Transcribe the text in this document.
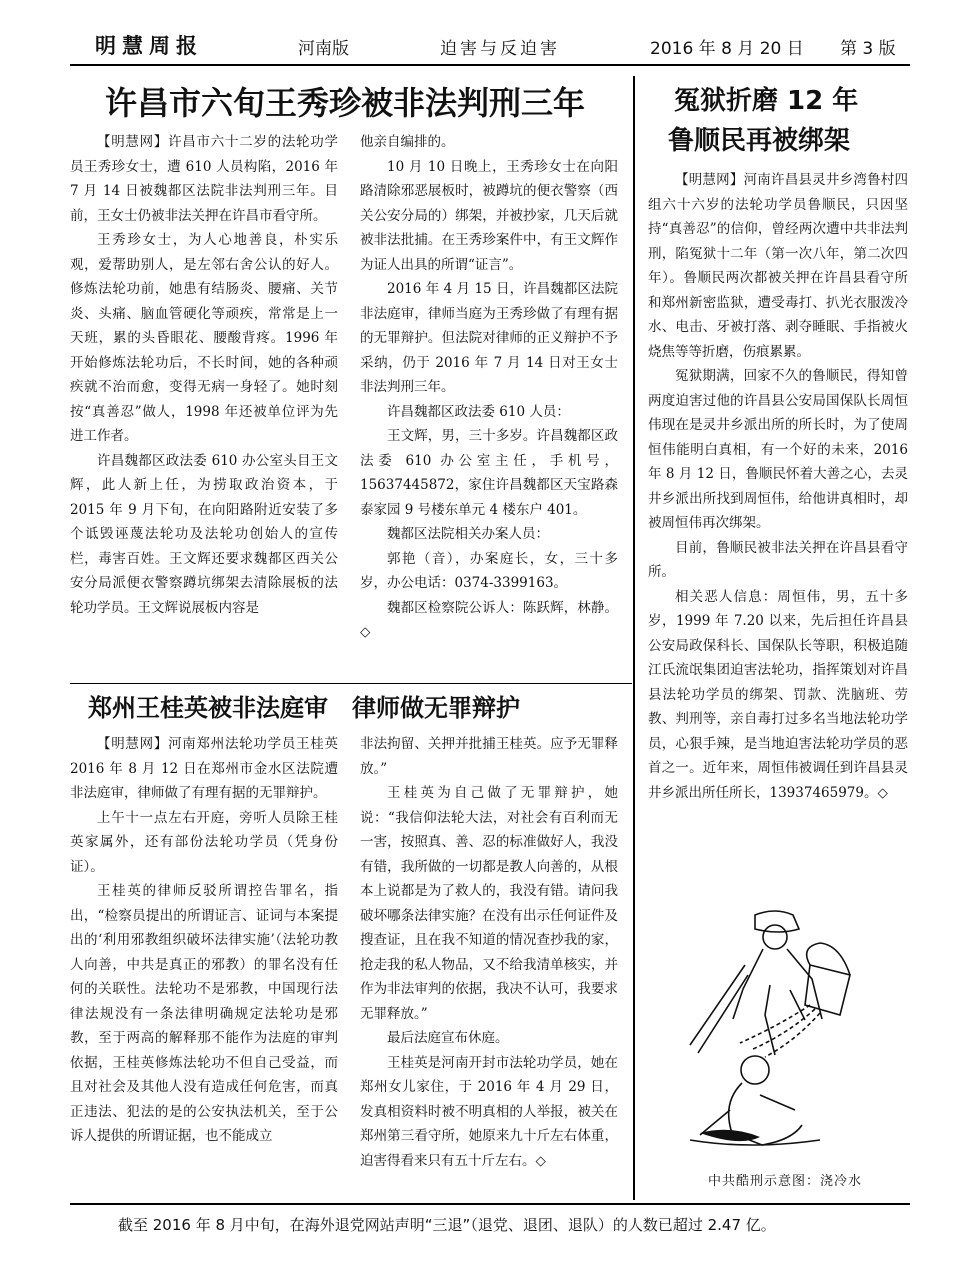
明慧周报	河南版	迫害与反迫害	2016 年 8 月 20 日 第 3 版
许昌市六旬王秀珍被非法判刑三年

【明慧网】许昌市六十二岁的法轮功学员王秀珍女士，遭 610 人员构陷，2016 年 7 月 14 日被魏都区法院非法判刑三年。目前，王女士仍被非法关押在许昌市看守所。

王秀珍女士，为人心地善良，朴实乐观，爱帮助别人，是左邻右舍公认的好人。修炼法轮功前，她患有结肠炎、腰痛、关节炎、头痛、脑血管硬化等顽疾，常常是上一天班，累的头昏眼花、腰酸背疼。1996 年开始修炼法轮功后，不长时间，她的各种顽疾就不治而愈，变得无病一身轻了。她时刻按“真善忍”做人，1998 年还被单位评为先进工作者。

许昌魏都区政法委 610 办公室头目王文辉，此人新上任，为捞取政治资本，于 2015 年 9 月下旬，在向阳路附近安装了多个诋毁诬蔑法轮功及法轮功创始人的宣传栏，毒害百姓。王文辉还要求魏都区西关公安分局派便衣警察蹲坑绑架去清除展板的法轮功学员。王文辉说展板内容是

他亲自编排的。

10 月 10 日晚上，王秀珍女士在向阳路清除邪恶展板时，被蹲坑的便衣警察（西关公安分局的）绑架，并被抄家，几天后就被非法批捕。在王秀珍案件中，有王文辉作为证人出具的所谓“证言”。

2016 年 4 月 15 日，许昌魏都区法院非法庭审，律师当庭为王秀珍做了有理有据的无罪辩护。但法院对律师的正义辩护不予采纳，仍于 2016 年 7 月 14 日对王女士非法判刑三年。

许昌魏都区政法委 610 人员：

王文辉，男，三十多岁。许昌魏都区政法委 610 办公室主任，手机号，15637445872，家住许昌魏都区天宝路森泰家园 9 号楼东单元 4 楼东户 401。

魏都区法院相关办案人员：

郭艳（音），办案庭长，女，三十多岁，办公电话：0374-3399163。

魏都区检察院公诉人：陈跃辉，林静。◇

冤狱折磨 12 年
鲁顺民再被绑架

【明慧网】河南许昌县灵井乡湾鲁村四组六十六岁的法轮功学员鲁顺民，只因坚持“真善忍”的信仰，曾经两次遭中共非法判刑，陷冤狱十二年（第一次八年，第二次四年）。鲁顺民两次都被关押在许昌县看守所和郑州新密监狱，遭受毒打、扒光衣服泼冷水、电击、牙被打落、剥夺睡眠、手指被火烧焦等等折磨，伤痕累累。

冤狱期满，回家不久的鲁顺民，得知曾两度迫害过他的许昌县公安局国保队长周恒伟现在是灵井乡派出所的所长时，为了使周恒伟能明白真相，有一个好的未来，2016 年 8 月 12 日，鲁顺民怀着大善之心，去灵井乡派出所找到周恒伟，给他讲真相时，却被周恒伟再次绑架。

目前，鲁顺民被非法关押在许昌县看守所。

相关恶人信息：周恒伟，男，五十多岁，1999 年 7.20 以来，先后担任许昌县公安局政保科长、国保队长等职，积极追随江氏流氓集团迫害法轮功，指挥策划对许昌县法轮功学员的绑架、罚款、洗脑班、劳教、判刑等，亲自毒打过多名当地法轮功学员，心狠手辣，是当地迫害法轮功学员的恶首之一。近年来，周恒伟被调任到许昌县灵井乡派出所任所长，13937465979。◇

中共酷刑示意图：浇冷水
郑州王桂英被非法庭审　律师做无罪辩护

【明慧网】河南郑州法轮功学员王桂英 2016 年 8 月 12 日在郑州市金水区法院遭非法庭审，律师做了有理有据的无罪辩护。

上午十一点左右开庭，旁听人员除王桂英家属外，还有部份法轮功学员（凭身份证）。

王桂英的律师反驳所谓控告罪名，指出，“检察员提出的所谓证言、证词与本案提出的‘利用邪教组织破坏法律实施’（法轮功教人向善，中共是真正的邪教）的罪名没有任何的关联性。法轮功不是邪教，中国现行法律法规没有一条法律明确规定法轮功是邪教，至于两高的解释那不能作为法庭的审判依据，王桂英修炼法轮功不但自己受益，而且对社会及其他人没有造成任何危害，而真正违法、犯法的是的公安执法机关，至于公诉人提供的所谓证据，也不能成立

非法拘留、关押并批捕王桂英。应予无罪释放。”

王桂英为自己做了无罪辩护，她说：“我信仰法轮大法，对社会有百利而无一害，按照真、善、忍的标准做好人，我没有错，我所做的一切都是教人向善的，从根本上说都是为了救人的，我没有错。请问我破坏哪条法律实施？在没有出示任何证件及搜查证，且在我不知道的情况查抄我的家，抢走我的私人物品，又不给我清单核实，并作为非法审判的依据，我决不认可，我要求无罪释放。”

最后法庭宣布休庭。

王桂英是河南开封市法轮功学员，她在郑州女儿家住，于 2016 年 4 月 29 日，发真相资料时被不明真相的人举报，被关在郑州第三看守所，她原来九十斤左右体重，迫害得看来只有五十斤左右。◇

截至 2016 年 8 月中旬，在海外退党网站声明“三退”（退党、退团、退队）的人数已超过 2.47 亿。
